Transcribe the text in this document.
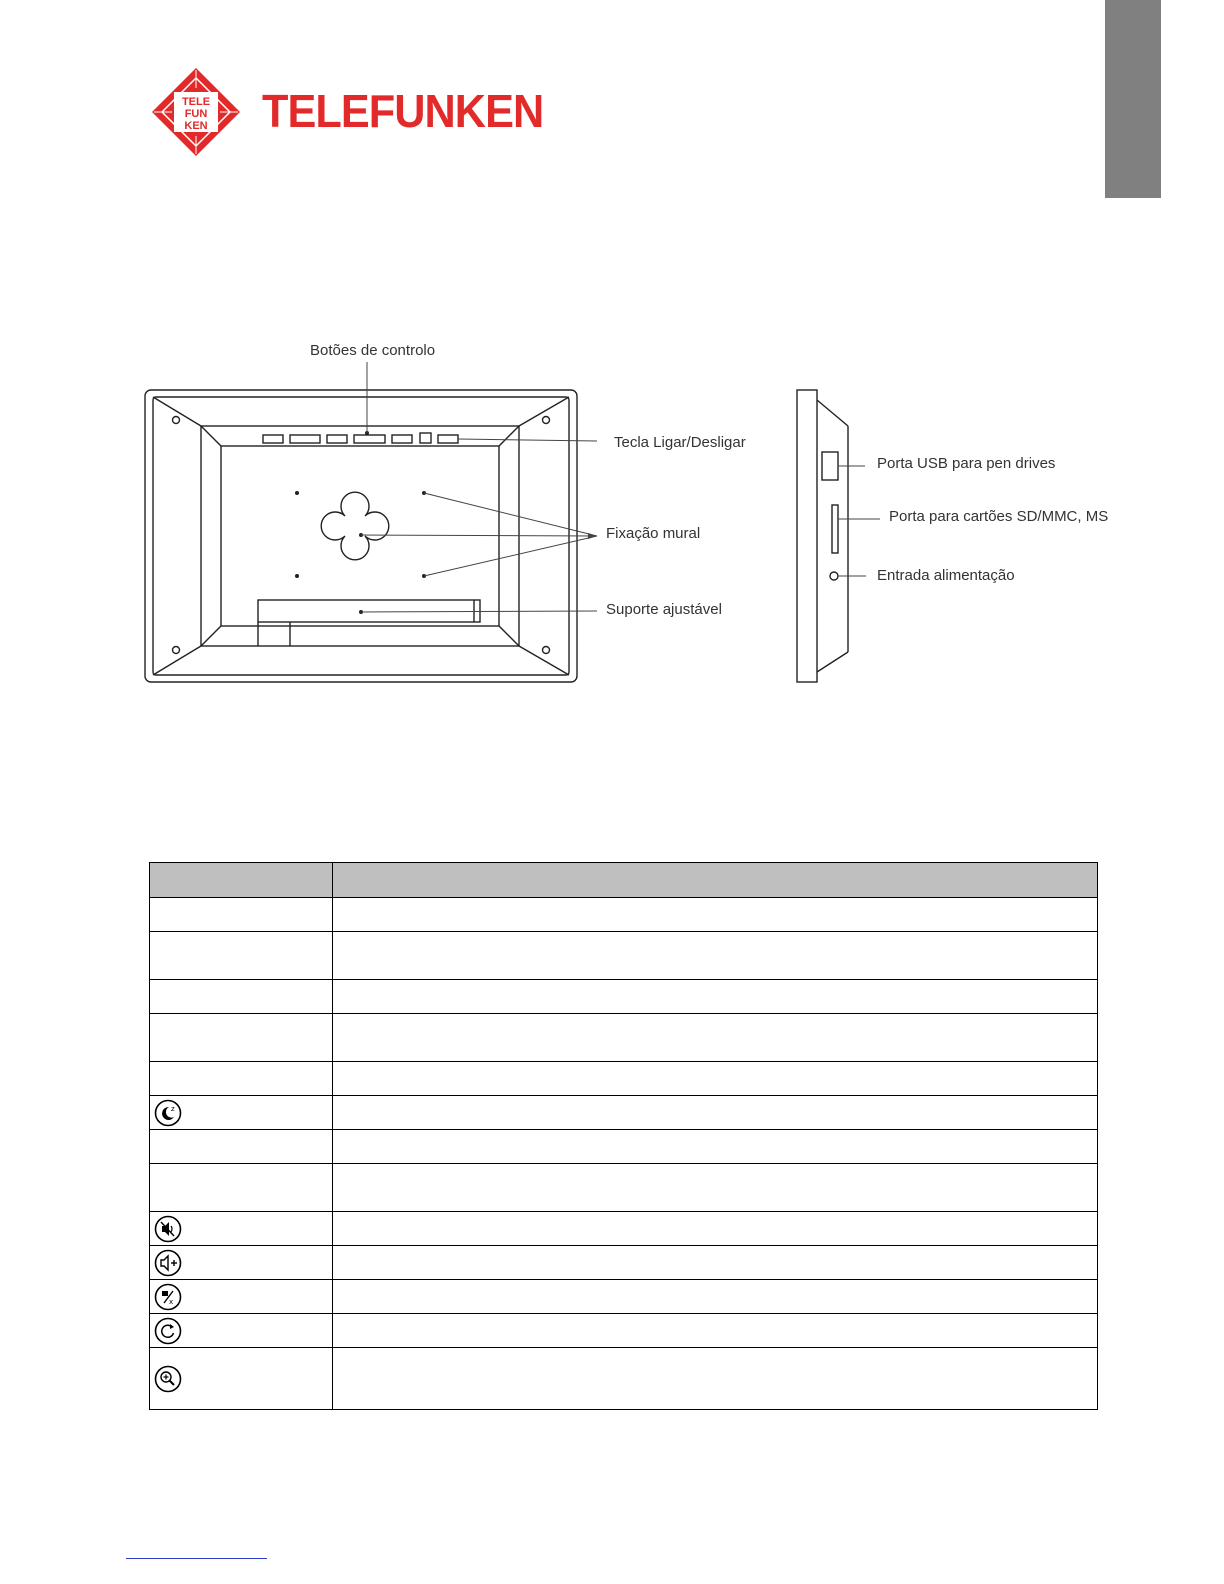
TELE
FUN
KEN TELEFUNKEN
Botões de controlo
Tecla Ligar/Desligar
Fixação mural
Suporte ajustável
Porta USB para pen drives
Porta para cartões SD/MMC, MS
Entrada alimentação

z	

x	
